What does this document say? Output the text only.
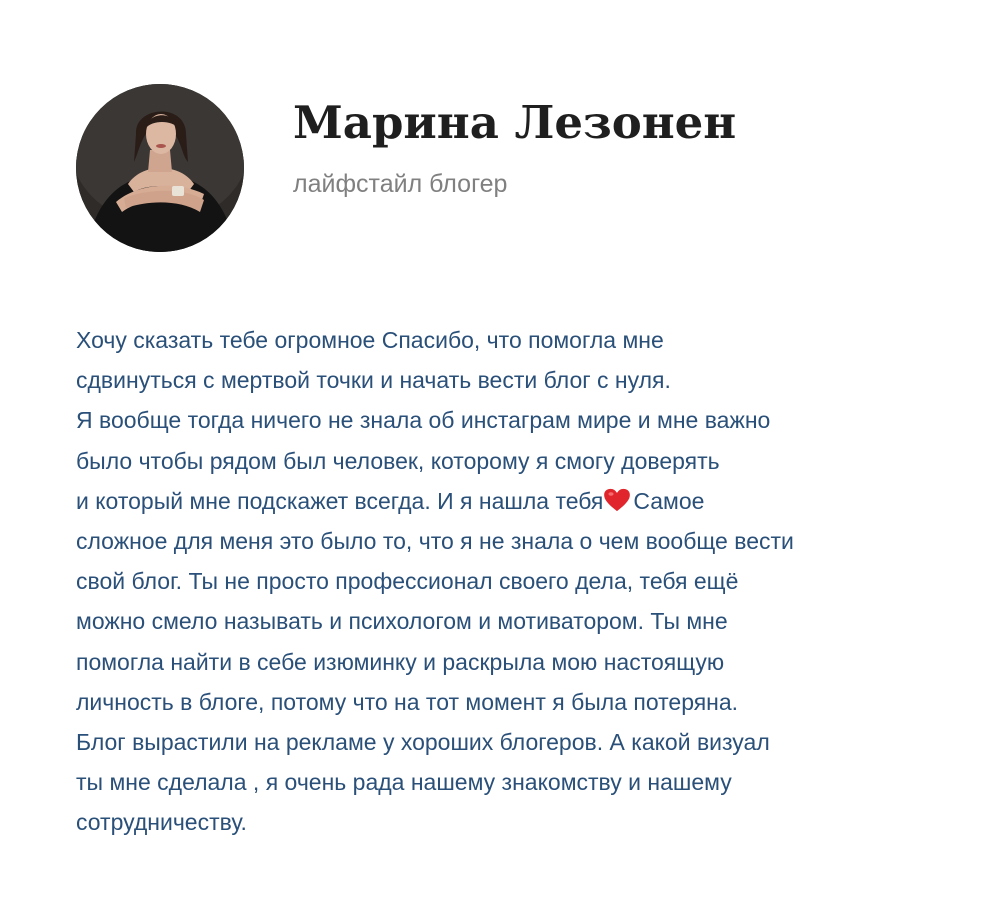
Марина Лезонен

лайфстайл блогер

Хочу сказать тебе огромное Спасибо, что помогла мне
сдвинуться с мертвой точки и начать вести блог с нуля.
Я вообще тогда ничего не знала об инстаграм мире и мне важно
было чтобы рядом был человек, которому я смогу доверять
и который мне подскажет всегда. И я нашла тебя Самое
сложное для меня это было то, что я не знала о чем вообще вести
свой блог. Ты не просто профессионал своего дела, тебя ещё
можно смело называть и психологом и мотиватором. Ты мне
помогла найти в себе изюминку и раскрыла мою настоящую
личность в блоге, потому что на тот момент я была потеряна.
Блог вырастили на рекламе у хороших блогеров. А какой визуал
ты мне сделала , я очень рада нашему знакомству и нашему
сотрудничеству.
